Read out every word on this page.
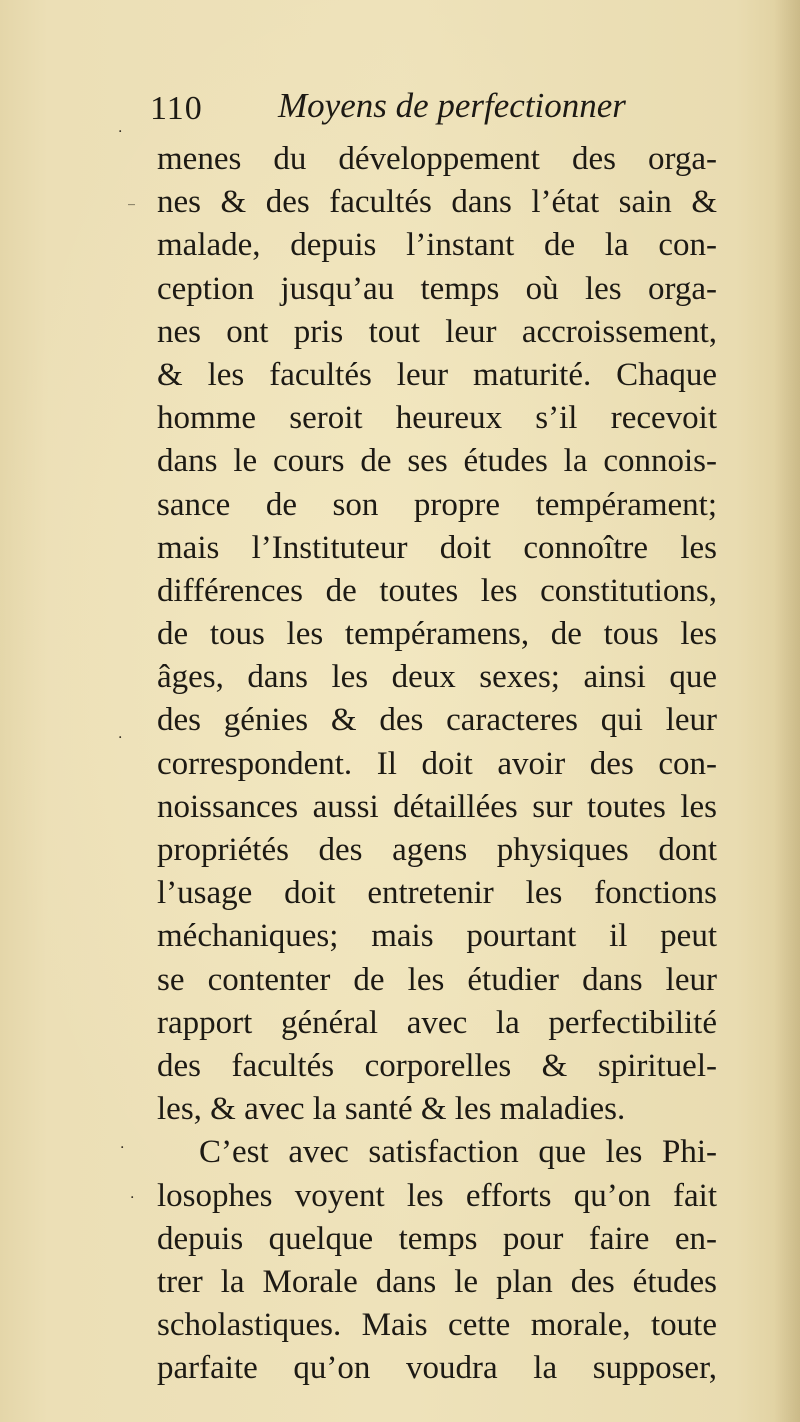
110 Moyens de perfectionner
menes du développement des orga-
nes & des facultés dans l’état sain &
malade, depuis l’instant de la con-
ception jusqu’au temps où les orga-
nes ont pris tout leur accroissement,
& les facultés leur maturité. Chaque
homme seroit heureux s’il recevoit
dans le cours de ses études la connois-
sance de son propre tempérament;
mais l’Instituteur doit connoître les
différences de toutes les constitutions,
de tous les tempéramens, de tous les
âges, dans les deux sexes; ainsi que
des génies & des caracteres qui leur
correspondent. Il doit avoir des con-
noissances aussi détaillées sur toutes les
propriétés des agens physiques dont
l’usage doit entretenir les fonctions
méchaniques; mais pourtant il peut
se contenter de les étudier dans leur
rapport général avec la perfectibilité
des facultés corporelles & spirituel-
les, & avec la santé & les maladies.
C’est avec satisfaction que les Phi-
losophes voyent les efforts qu’on fait
depuis quelque temps pour faire en-
trer la Morale dans le plan des études
scholastiques. Mais cette morale, toute
parfaite qu’on voudra la supposer,
·
_
·
·
·
